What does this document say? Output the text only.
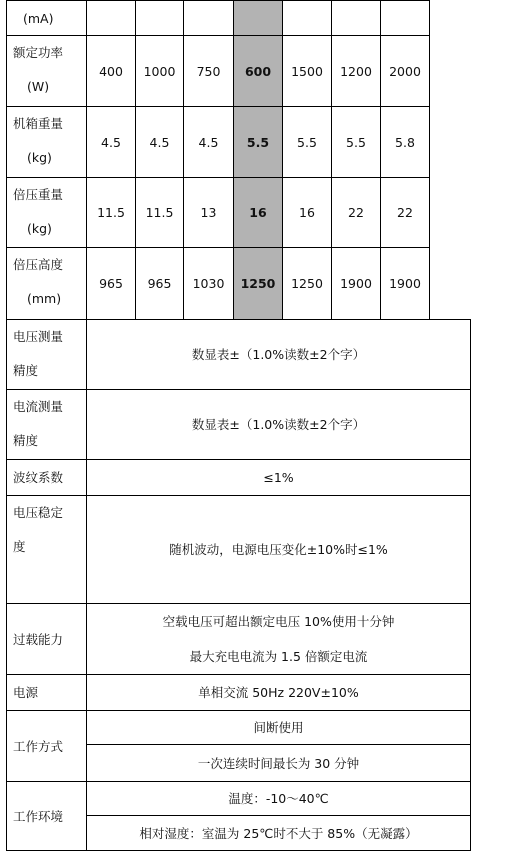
(mA)								

额定功率
(W)	400	1000	750	600	1500	1200	2000	

机箱重量
(kg)	4.5	4.5	4.5	5.5	5.5	5.5	5.8	

倍压重量
(kg)	11.5	11.5	13	16	16	22	22	

倍压高度
(mm)	965	965	1030	1250	1250	1900	1900	

电压测量
精度	数显表±（1.0%读数±2个字）							

电流测量
精度	数显表±（1.0%读数±2个字）							
波纹系数	≤1%							

电压稳定
度	随机波动，电源电压变化±10%时≤1%							
过载能力	空载电压可超出额定电压 10%使用十分钟
最大充电电流为 1.5 倍额定电流							

电源	单相交流 50Hz 220V±10%							
工作方式	间断使用							
	一次连续时间最长为 30 分钟							
工作环境	温度：-10～40℃							
	相对湿度：室温为 25℃时不大于 85%（无凝露）							
